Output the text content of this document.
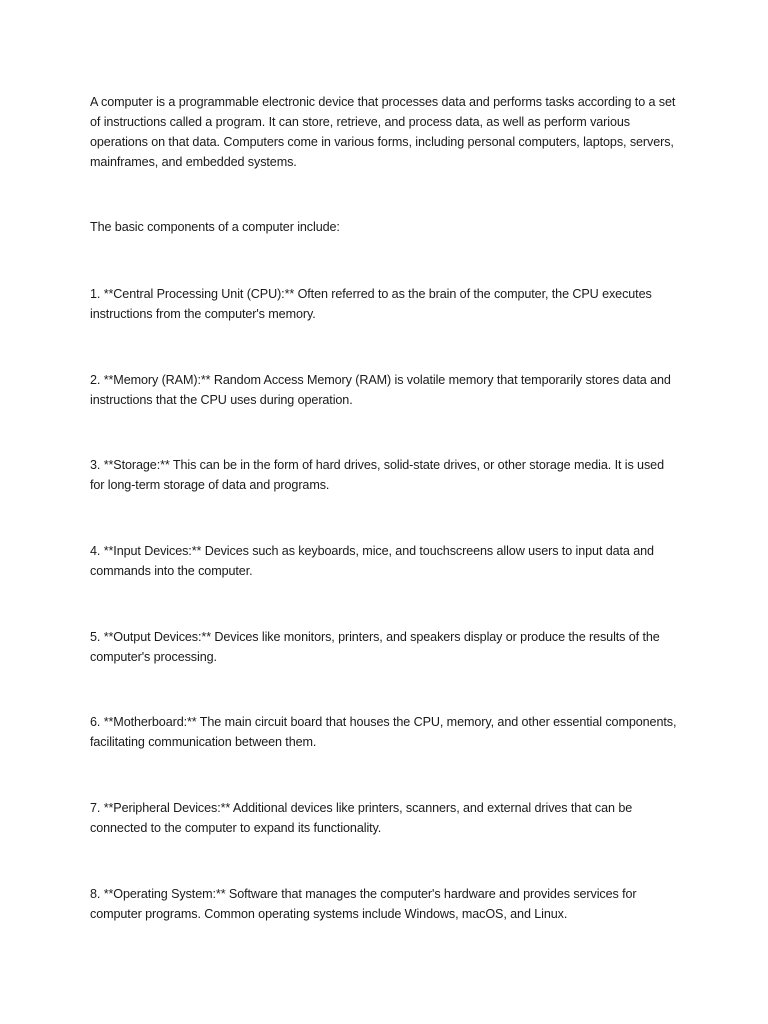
A computer is a programmable electronic device that processes data and performs tasks according to a set of instructions called a program. It can store, retrieve, and process data, as well as perform various operations on that data. Computers come in various forms, including personal computers, laptops, servers, mainframes, and embedded systems.

The basic components of a computer include:

1. **Central Processing Unit (CPU):** Often referred to as the brain of the computer, the CPU executes instructions from the computer's memory.

2. **Memory (RAM):** Random Access Memory (RAM) is volatile memory that temporarily stores data and instructions that the CPU uses during operation.

3. **Storage:** This can be in the form of hard drives, solid-state drives, or other storage media. It is used for long-term storage of data and programs.

4. **Input Devices:** Devices such as keyboards, mice, and touchscreens allow users to input data and commands into the computer.

5. **Output Devices:** Devices like monitors, printers, and speakers display or produce the results of the computer's processing.

6. **Motherboard:** The main circuit board that houses the CPU, memory, and other essential components, facilitating communication between them.

7. **Peripheral Devices:** Additional devices like printers, scanners, and external drives that can be connected to the computer to expand its functionality.

8. **Operating System:** Software that manages the computer's hardware and provides services for computer programs. Common operating systems include Windows, macOS, and Linux.
